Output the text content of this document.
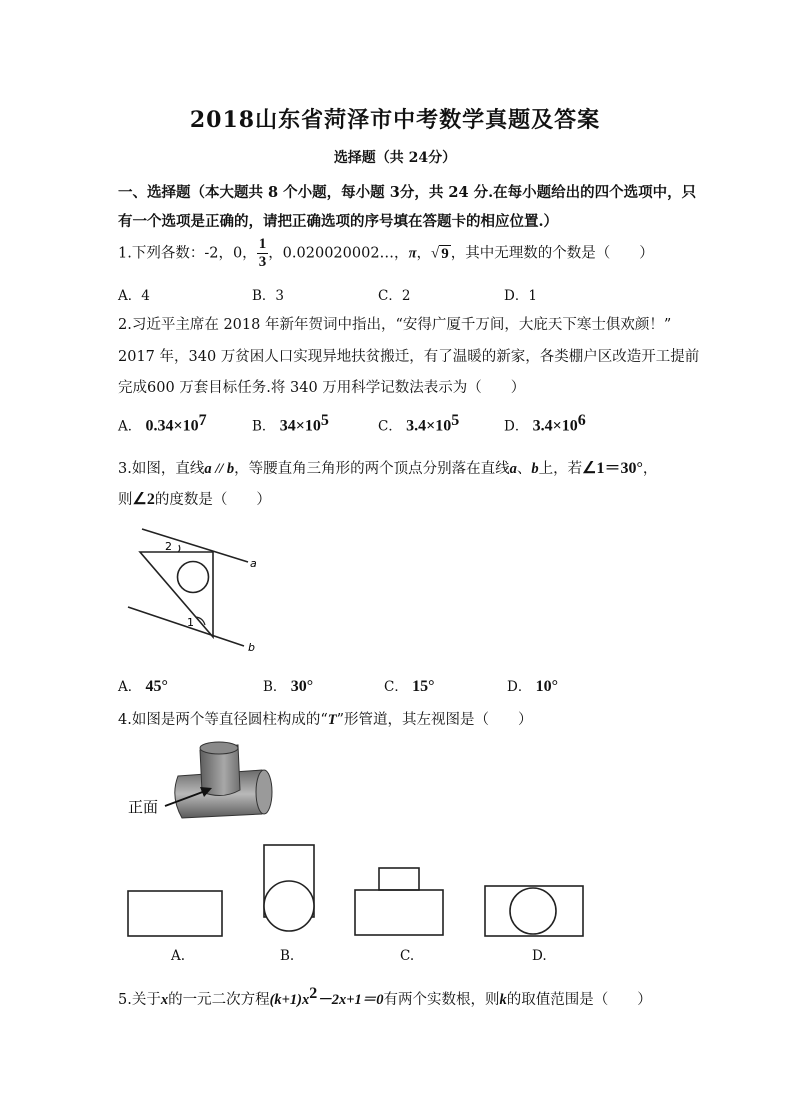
2018山东省菏泽市中考数学真题及答案
选择题（共 24分）
一、选择题（本大题共 8 个小题，每小题 3分，共 24 分.在每小题给出的四个选项中，只
有一个选项是正确的，请把正确选项的序号填在答题卡的相应位置.）
1.下列各数：-2，0， $\frac{1}{3}$ ，0.020020002…，π，√ 9 ，其中无理数的个数是（　　）
A．4	B．3	C．2	D．1
2.习近平主席在 2018 年新年贺词中指出，“安得广厦千万间，大庇天下寒士俱欢颜！”
2017 年，340 万贫困人口实现异地扶贫搬迁，有了温暖的新家，各类棚户区改造开工提前
完成600 万套目标任务.将 340 万用科学记数法表示为（　　）
A． $0.34\times 10^7$	B． $34\times 10^5$	C． $3.4\times 10^5$	D． $3.4\times 10^6$
3.如图，直线a // b，等腰直角三角形的两个顶点分别落在直线a、b上，若∠1＝30°，
则∠2的度数是（　　）
2
1
a
b
A． 45°	B． 30°	C． 15°	D． 10°
4.如图是两个等直径圆柱构成的“T”形管道，其左视图是（　　）
正面
A.	B.	C.	D.
5.关于x的一元二次方程$(k+1)x^2-2x+1=0$有两个实数根，则k的取值范围是（　　）
